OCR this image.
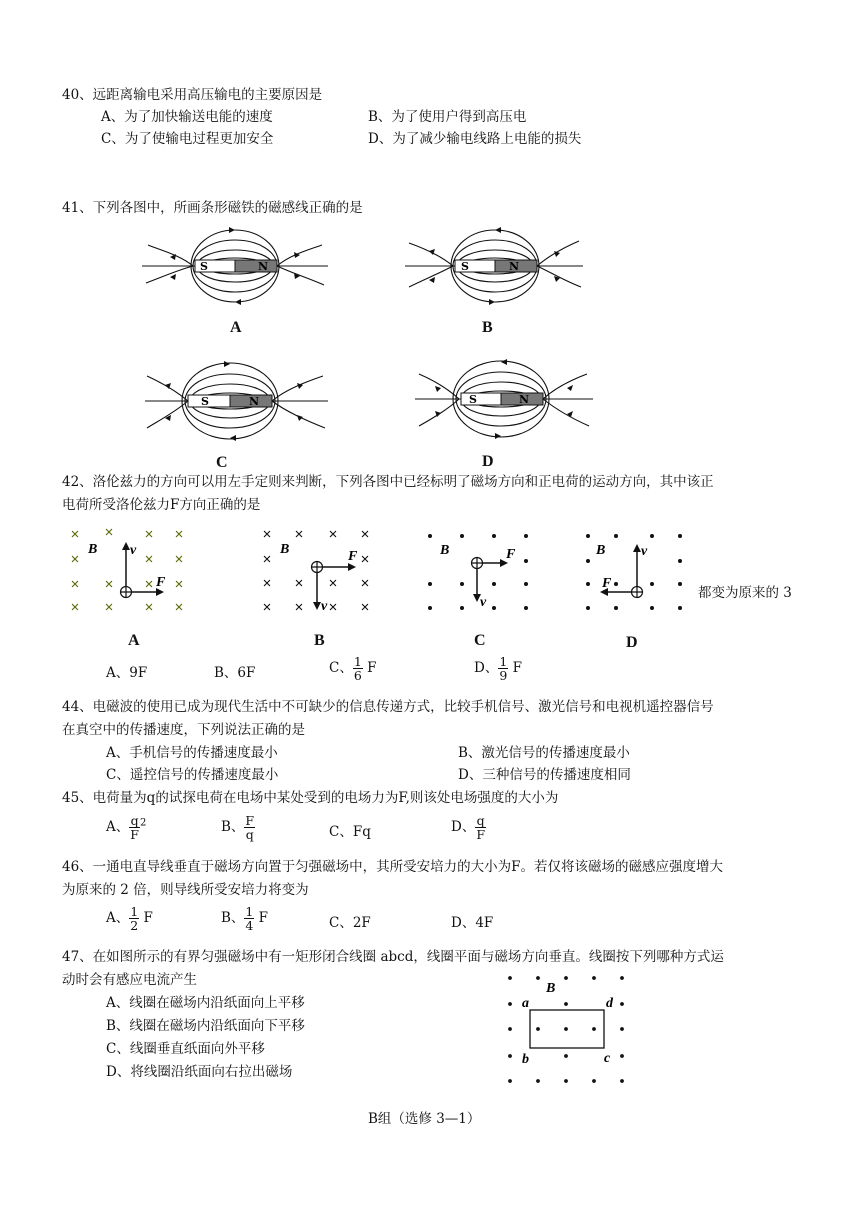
40、远距离输电采用高压输电的主要原因是
A、为了加快输送电能的速度	B、为了使用户得到高压电
C、为了使输电过程更加安全	D、为了减少输电线路上电能的损失
41、下列各图中，所画条形磁铁的磁感线正确的是
S	N
A
S	N
B
S	N
C
S	N
D
42、洛伦兹力的方向可以用左手定则来判断，下列各图中已经标明了磁场方向和正电荷的运动方向，其中该正
电荷所受洛伦兹力F方向正确的是
B v
F
A
B	F
v
B
B	F
v
C
B	v
F
D
都变为原来的 3
A、9F	B、6F	C、 $\frac{1}{6}$ F	D、 $\frac{1}{9}$ F
44、电磁波的使用已成为现代生活中不可缺少的信息传递方式，比较手机信号、激光信号和电视机遥控器信号
在真空中的传播速度，下列说法正确的是
A、手机信号的传播速度最小	B、激光信号的传播速度最小
C、遥控信号的传播速度最小	D、三种信号的传播速度相同
45、电荷量为q的试探电荷在电场中某处受到的电场力为F,则该处电场强度的大小为
A、 $\frac{q}{F} ^2$	B、 $\frac{F}{q}$	C、Fq	D、 $\frac{q}{F}$
46、一通电直导线垂直于磁场方向置于匀强磁场中，其所受安培力的大小为F。若仅将该磁场的磁感应强度增大
为原来的 2 倍，则导线所受安培力将变为
A、 $\frac{1}{2}$ F	B、 $\frac{1}{4}$ F	C、2F	D、4F
47、在如图所示的有界匀强磁场中有一矩形闭合线圈 abcd，线圈平面与磁场方向垂直。线圈按下列哪种方式运
动时会有感应电流产生
A、线圈在磁场内沿纸面向上平移
B、线圈在磁场内沿纸面向下平移
C、线圈垂直纸面向外平移
D、将线圈沿纸面向右拉出磁场
B
a	d
b	c
B组（选修 3—1）
